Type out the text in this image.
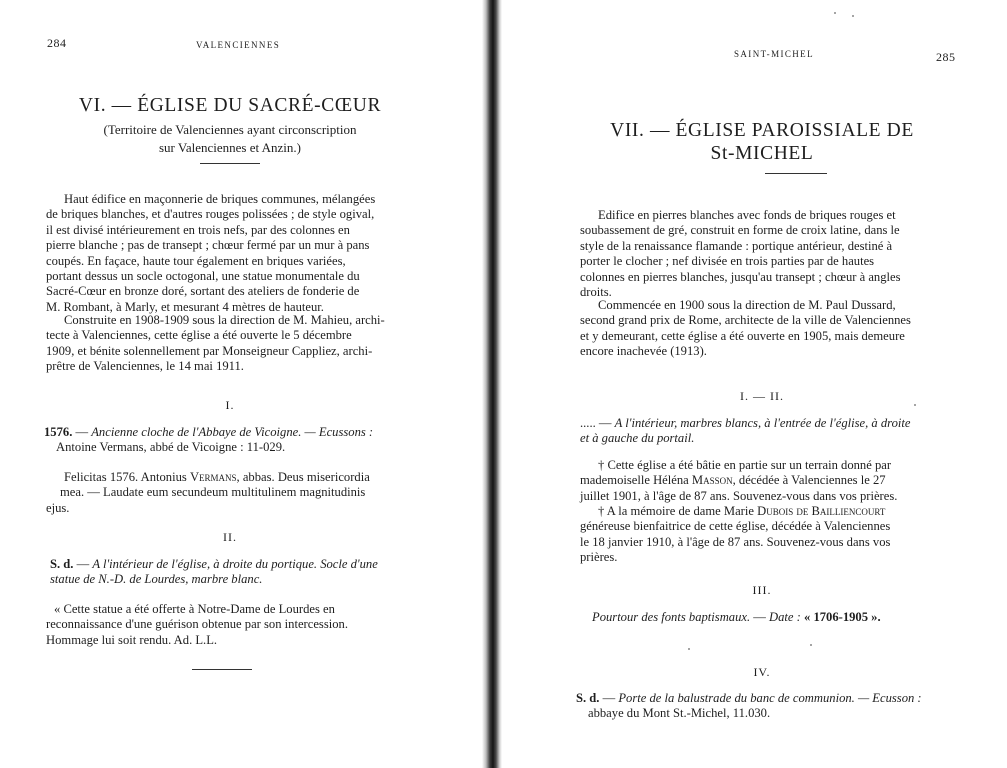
284	VALENCIENNES
VI. — ÉGLISE DU SACRÉ-CŒUR
(Territoire de Valenciennes ayant circonscription
sur Valenciennes et Anzin.)
Haut édifice en maçonnerie de briques communes, mélangées
de briques blanches, et d'autres rouges polissées ; de style ogival,
il est divisé intérieurement en trois nefs, par des colonnes en
pierre blanche ; pas de transept ; chœur fermé par un mur à pans
coupés. En façace, haute tour également en briques variées,
portant dessus un socle octogonal, une statue monumentale du
Sacré-Cœur en bronze doré, sortant des ateliers de fonderie de
M. Rombant, à Marly, et mesurant 4 mètres de hauteur.
Construite en 1908-1909 sous la direction de M. Mahieu, archi-
tecte à Valenciennes, cette église a été ouverte le 5 décembre
1909, et bénite solennellement par Monseigneur Cappliez, archi-
prêtre de Valenciennes, le 14 mai 1911.
I.
1576. — Ancienne cloche de l'Abbaye de Vicoigne. — Ecussons :
Antoine Vermans, abbé de Vicoigne : 11-029.
Felicitas 1576. Antonius Vermans, abbas. Deus misericordia
mea. — Laudate eum secundeum multitulinem magnitudinis
ejus.
II.
S. d. — A l'intérieur de l'église, à droite du portique. Socle d'une
statue de N.-D. de Lourdes, marbre blanc.
« Cette statue a été offerte à Notre-Dame de Lourdes en
reconnaissance d'une guérison obtenue par son intercession.
Hommage lui soit rendu. Ad. L.L.
SAINT-MICHEL	285
VII. — ÉGLISE PAROISSIALE DE
St-MICHEL
Edifice en pierres blanches avec fonds de briques rouges et
soubassement de gré, construit en forme de croix latine, dans le
style de la renaissance flamande : portique antérieur, destiné à
porter le clocher ; nef divisée en trois parties par de hautes
colonnes en pierres blanches, jusqu'au transept ; chœur à angles
droits.
Commencée en 1900 sous la direction de M. Paul Dussard,
second grand prix de Rome, architecte de la ville de Valenciennes
et y demeurant, cette église a été ouverte en 1905, mais demeure
encore inachevée (1913).
I. — II.
..... — A l'intérieur, marbres blancs, à l'entrée de l'église, à droite
et à gauche du portail.
† Cette église a été bâtie en partie sur un terrain donné par
mademoiselle Héléna Masson, décédée à Valenciennes le 27
juillet 1901, à l'âge de 87 ans. Souvenez-vous dans vos prières.
† A la mémoire de dame Marie Dubois de Bailliencourt
généreuse bienfaitrice de cette église, décédée à Valenciennes
le 18 janvier 1910, à l'âge de 87 ans. Souvenez-vous dans vos
prières.
III.
Pourtour des fonts baptismaux. — Date : « 1706-1905 ».
IV.
S. d. — Porte de la balustrade du banc de communion. — Ecusson :
abbaye du Mont St.-Michel, 11.030.
